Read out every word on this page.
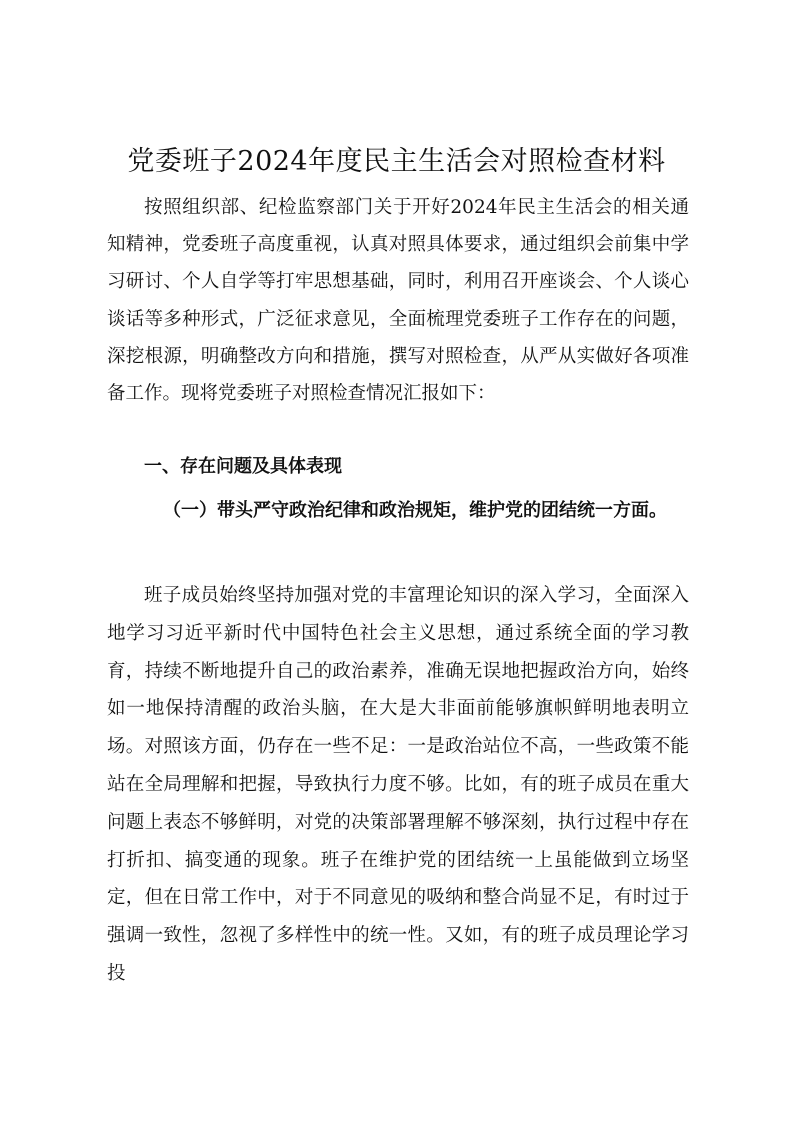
党委班子2024年度民主生活会对照检查材料

按照组织部、纪检监察部门关于开好2024年民主生活会的相关通知精神，党委班子高度重视，认真对照具体要求，通过组织会前集中学习研讨、个人自学等打牢思想基础，同时，利用召开座谈会、个人谈心谈话等多种形式，广泛征求意见，全面梳理党委班子工作存在的问题，深挖根源，明确整改方向和措施，撰写对照检查，从严从实做好各项准备工作。现将党委班子对照检查情况汇报如下：

一、存在问题及具体表现
（一）带头严守政治纪律和政治规矩，维护党的团结统一方面。

班子成员始终坚持加强对党的丰富理论知识的深入学习，全面深入地学习习近平新时代中国特色社会主义思想，通过系统全面的学习教育，持续不断地提升自己的政治素养，准确无误地把握政治方向，始终如一地保持清醒的政治头脑，在大是大非面前能够旗帜鲜明地表明立场。对照该方面，仍存在一些不足：一是政治站位不高，一些政策不能站在全局理解和把握，导致执行力度不够。比如，有的班子成员在重大问题上表态不够鲜明，对党的决策部署理解不够深刻，执行过程中存在打折扣、搞变通的现象。班子在维护党的团结统一上虽能做到立场坚定，但在日常工作中，对于不同意见的吸纳和整合尚显不足，有时过于强调一致性，忽视了多样性中的统一性。又如，有的班子成员理论学习投
